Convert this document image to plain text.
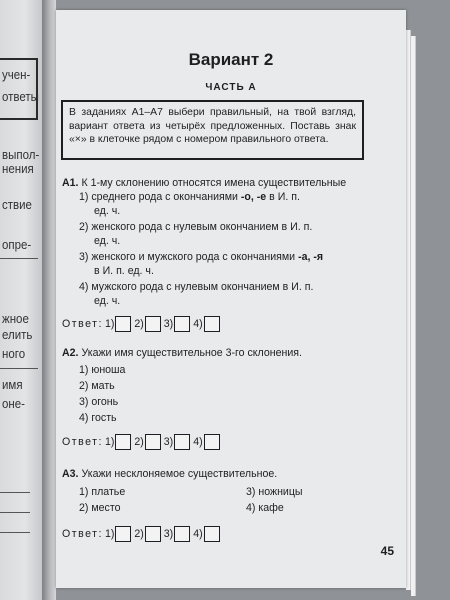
учен-
ответы
выпол-
нения
ствие
опре-
жное
елить
ного
имя
оне-
Вариант 2
ЧАСТЬ А
В заданиях А1–А7 выбери правильный, на твой взгляд, вариант ответа из четырёх предложенных. Поставь знак «×» в клеточке рядом с номером правильного ответа.
А1. К 1-му склонению относятся имена существительные
1) среднего рода с окончаниями -о, -е в И. п.
ед. ч.
2) женского рода с нулевым окончанием в И. п.
ед. ч.
3) женского и мужского рода с окончаниями -а, -я
в И. п. ед. ч.
4) мужского рода с нулевым окончанием в И. п.
ед. ч.
Ответ: 1) 2) 3) 4)
А2. Укажи имя существительное 3-го склонения.
1) юноша
2) мать
3) огонь
4) гость
Ответ: 1) 2) 3) 4)
А3. Укажи несклоняемое существительное.
1) платье
2) место
3) ножницы
4) кафе
Ответ: 1) 2) 3) 4)
45
